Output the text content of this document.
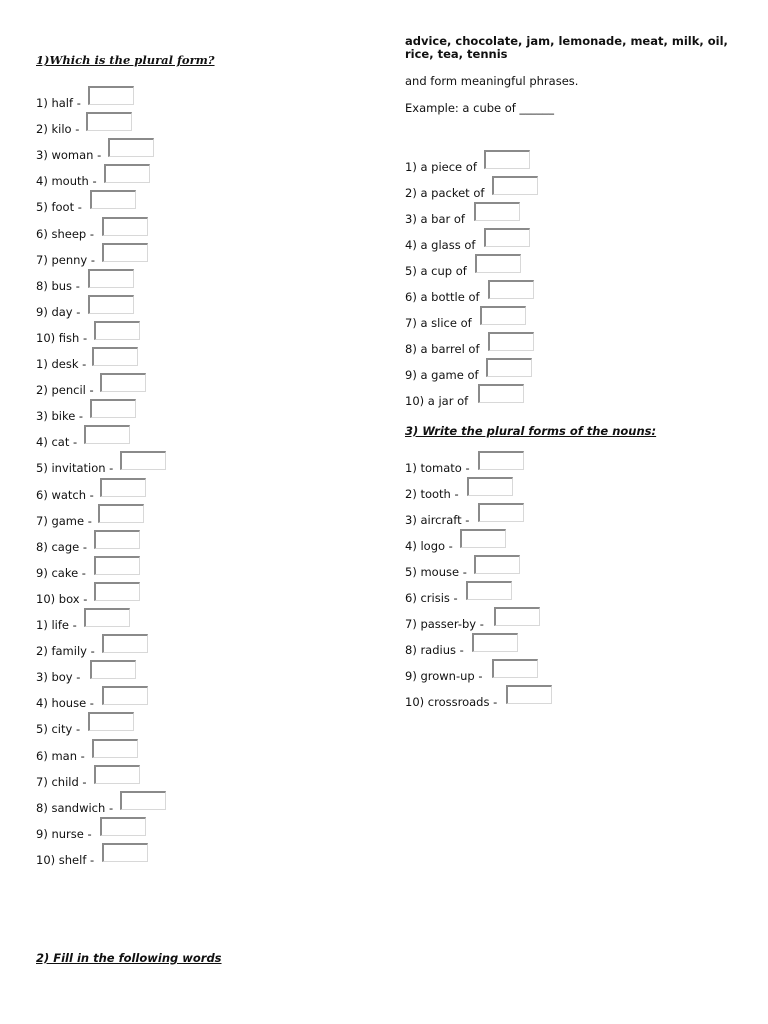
1)Which is the plural form?
1) half -
2) kilo -
3) woman -
4) mouth -
5) foot -
6) sheep -
7) penny -
8) bus -
9) day -
10) fish -
1) desk -
2) pencil -
3) bike -
4) cat -
5) invitation -
6) watch -
7) game -
8) cage -
9) cake -
10) box -
1) life -
2) family -
3) boy -
4) house -
5) city -
6) man -
7) child -
8) sandwich -
9) nurse -
10) shelf -
advice, chocolate, jam, lemonade, meat, milk, oil, rice, tea, tennis
and form meaningful phrases.
Example: a cube of ______
1) a piece of
2) a packet of
3) a bar of
4) a glass of
5) a cup of
6) a bottle of
7) a slice of
8) a barrel of
9) a game of
10) a jar of
3) Write the plural forms of the nouns:
1) tomato -
2) tooth -
3) aircraft -
4) logo -
5) mouse -
6) crisis -
7) passer-by -
8) radius -
9) grown-up -
10) crossroads -
2) Fill in the following words
